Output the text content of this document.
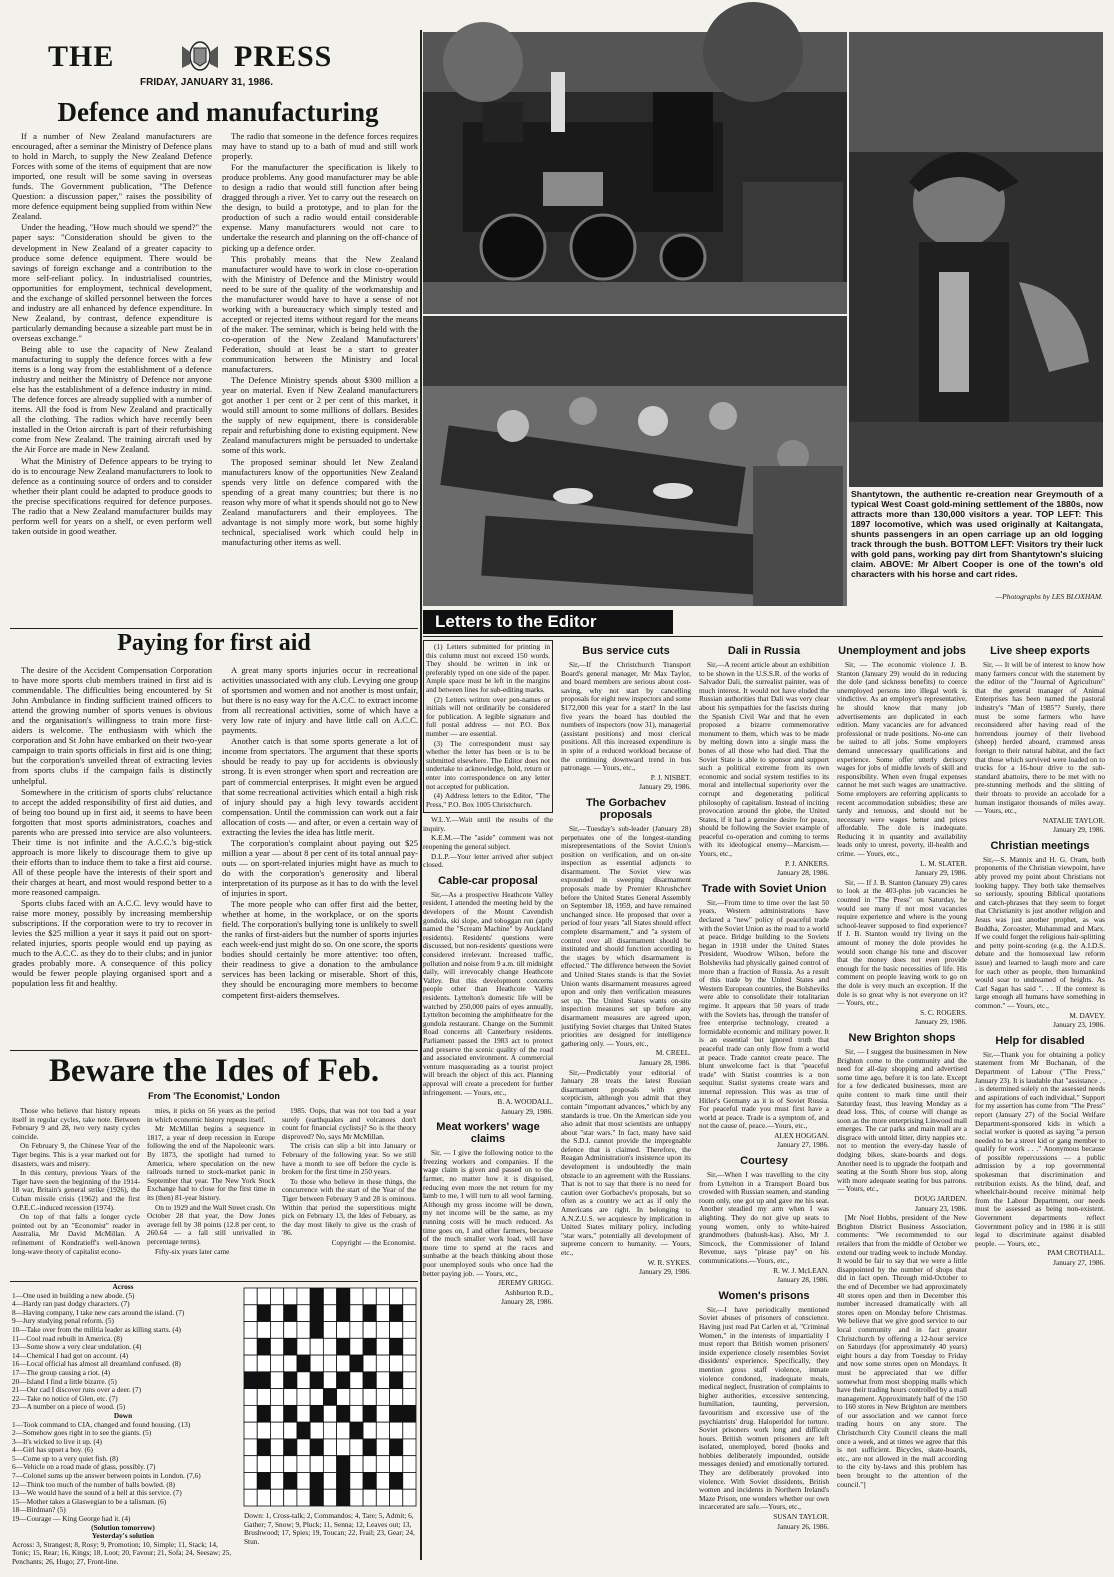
THE	PRESS
FRIDAY, JANUARY 31, 1986.
Defence and manufacturing

If a number of New Zealand manufacturers are encouraged, after a seminar the Ministry of Defence plans to hold in March, to supply the New Zealand Defence Forces with some of the items of equipment that are now imported, one result will be some saving in overseas funds. The Government publication, "The Defence Question: a discussion paper," raises the possibility of more defence equipment being supplied from within New Zealand.

Under the heading, "How much should we spend?" the paper says: "Consideration should be given to the development in New Zealand of a greater capacity to produce some defence equipment. There would be savings of foreign exchange and a contribution to the more self-reliant policy. In industrialised countries, opportunities for employment, technical development, and the exchange of skilled personnel between the forces and industry are all enhanced by defence expenditure. In New Zealand, by contrast, defence expenditure is particularly demanding because a sizeable part must be in overseas exchange."

Being able to use the capacity of New Zealand manufacturing to supply the defence forces with a few items is a long way from the establishment of a defence industry and neither the Ministry of Defence nor anyone else has the establishment of a defence industry in mind. The defence forces are already supplied with a number of items. All the food is from New Zealand and practically all the clothing. The radios which have recently been installed in the Orion aircraft is part of their refurbishing come from New Zealand. The training aircraft used by the Air Force are made in New Zealand.

What the Ministry of Defence appears to be trying to do is to encourage New Zealand manufacturers to look to defence as a continuing source of orders and to consider whether their plant could be adapted to produce goods to the precise specifications required for defence purposes. The radio that a New Zealand manufacturer builds may perform well for years on a shelf, or even perform well taken outside in good weather.

The radio that someone in the defence forces requires may have to stand up to a bath of mud and still work properly.

For the manufacturer the specification is likely to produce problems. Any good manufacturer may be able to design a radio that would still function after being dragged through a river. Yet to carry out the research on the design, to build a prototype, and to plan for the production of such a radio would entail considerable expense. Many manufacturers would not care to undertake the research and planning on the off-chance of picking up a defence order.

This probably means that the New Zealand manufacturer would have to work in close co-operation with the Ministry of Defence and the Ministry would need to be sure of the quality of the workmanship and the manufacturer would have to have a sense of not working with a bureaucracy which simply tested and accepted or rejected items without regard for the means of the maker. The seminar, which is being held with the co-operation of the New Zealand Manufacturers' Federation, should at least be a start to greater communication between the Ministry and local manufacturers.

The Defence Ministry spends about $300 million a year on material. Even if New Zealand manufacturers got another 1 per cent or 2 per cent of this market, it would still amount to some millions of dollars. Besides the supply of new equipment, there is considerable repair and refurbishing done to existing equipment. New Zealand manufacturers might be persuaded to undertake some of this work.

The proposed seminar should let New Zealand manufacturers know of the opportunities New Zealand spends very little on defence compared with the spending of a great many countries; but there is no reason why more of what it spends should not go to New Zealand manufacturers and their employees. The advantage is not simply more work, but some highly technical, specialised work which could help in manufacturing other items as well.

Paying for first aid

The desire of the Accident Compensation Corporation to have more sports club members trained in first aid is commendable. The difficulties being encountered by St John Ambulance in finding sufficient trained officers to attend the growing number of sports venues is obvious and the organisation's willingness to train more first-aiders is welcome. The enthusiasm with which the corporation and St John have embarked on their two-year campaign to train sports officials in first aid is one thing; but the corporation's unveiled threat of extracting levies from sports clubs if the campaign fails is distinctly unhelpful.

Somewhere in the criticism of sports clubs' reluctance to accept the added responsibility of first aid duties, and of being too bound up in first aid, it seems to have been forgotten that most sports administrators, coaches and parents who are pressed into service are also volunteers. Their time is not infinite and the A.C.C.'s big-stick approach is more likely to discourage them to give up their efforts than to induce them to take a first aid course. All of these people have the interests of their sport and their charges at heart, and most would respond better to a more reasoned campaign.

Sports clubs faced with an A.C.C. levy would have to raise more money, possibly by increasing membership subscriptions. If the corporation were to try to recover in levies the $25 million a year it says it paid out on sport-related injuries, sports people would end up paying as much to the A.C.C. as they do to their clubs; and in junior grades probably more. A consequence of this policy would be fewer people playing organised sport and a population less fit and healthy.

A great many sports injuries occur in recreational activities unassociated with any club. Levying one group of sportsmen and women and not another is most unfair, but there is no easy way for the A.C.C. to extract income from all recreational activities, some of which have a very low rate of injury and have little call on A.C.C. payments.

Another catch is that some sports generate a lot of income from spectators. The argument that these sports should be ready to pay up for accidents is obviously strong. It is even stronger when sport and recreation are part of commercial enterprises. It might even be argued that some recreational activities which entail a high risk of injury should pay a high levy towards accident compensation. Until the commission can work out a fair allocation of costs — and after, or even a certain way of extracting the levies the idea has little merit.

The corporation's complaint about paying out $25 million a year — about 8 per cent of its total annual pay-outs — on sport-related injuries might have as much to do with the corporation's generosity and liberal interpretation of its purpose as it has to do with the level of injuries in sport.

The more people who can offer first aid the better, whether at home, in the workplace, or on the sports field. The corporation's bullying tone is unlikely to swell the ranks of first-aiders but the number of sports injuries each week-end just might do so. On one score, the sports bodies should certainly be more attentive: too often, their readiness to give a donation to the ambulance services has been lacking or miserable. Short of this, they should be encouraging more members to become competent first-aiders themselves.

Beware the Ides of Feb.
From 'The Economist,' London

Those who believe that history repeats itself in regular cycles, take note. Between February 9 and 28, two very nasty cycles coincide.

On February 9, the Chinese Year of the Tiger begins. This is a year marked out for disasters, wars and misery.

In this century, previous Years of the Tiger have seen the beginning of the 1914-18 war, Britain's general strike (1926), the Cuban missile crisis (1962) and the first O.P.E.C.-induced recession (1974).

On top of that falls a longer cycle pointed out by an "Economist" reader in Australia, Mr David McMillan. A refinement of Kondratieff's well-known long-wave theory of capitalist econo-

mies, it picks on 56 years as the period in which economic history repeats itself.

Mr McMillan begins a sequence in 1817, a year of deep recession in Europe following the end of the Napoleonic wars. By 1873, the spotlight had turned to America, where speculation on the new railroads turned to stock-market panic in September that year. The New York Stock Exchange had to close for the first time in its (then) 81-year history.

On to 1929 and the Wall Street crash. On October 28 that year, the Dow Jones average fell by 38 points (12.8 per cent, to 260.64 — a fall still unrivalled in percentage terms).

Fifty-six years later came

1985. Oops, that was not too bad a year surely (earthquakes and volcanoes don't count for financial cyclists)? So is the theory disproved? No, says Mr McMillan.

The crisis can slip a bit into January or February of the following year. So we still have a month to see off before the cycle is broken for the first time in 250 years.

To those who believe in these things, the concurrence with the start of the Year of the Tiger between February 9 and 28 is ominous. Within that period the superstitious might pick on February 13, the Ides of Febuary, as the day most likely to give us the crash of '86.

Copyright — the Economist.

Across
1—One used in building a new abode. (5)
4—Hardy ran past dodgy characters. (7)
8—Having company, I take new cars around the island. (7)
9—Jury studying penal reform. (5)
10—Take over from the militia leader as killing starts. (4)
11—Cool road rebuilt in America. (8)
13—Some show a very clear undulation. (4)
14—Chemical I had got on account. (4)
16—Local official has almost all dreamland confused. (8)
17—The group causing a riot. (4)
20—Island I find a little bizarre. (5)
21—Our cad I discover runs over a deer. (7)
22—Take no notice of Glen, etc. (7)
23—A number on a piece of wood. (5)
Down
1—Took command to CIA, changed and found housing. (13)
2—Somehow goes right in to see the giants. (5)
3—It's wicked to live it up. (4)
4—Girl has upset a boy. (6)
5—Come up to a very quiet fish. (8)
6—Vehicle on a road made of glass, possibly. (7)
7—Colonel sums up the answer between points in London. (7,6)
12—Think too much of the number of balls bowled. (8)
13—We would have the sound of a bell at this service. (7)
15—Mother takes a Glaswegian to be a talisman. (6)
18—Birdman? (5)
19—Courage — King George had it. (4)
(Solution tomorrow)
Yesterday's solution
Across: 3, Strangest; 8, Rosy; 9, Promotion; 10, Simple; 11, Stack; 14, Tonic; 15, Rear; 16, Kings; 18, Loot; 20, Favour; 21, Sofa; 24, Seesaw; 25, Penchants; 26, Hugo; 27, Front-line.
Down: 1, Cross-talk; 2, Commandos; 4, Tare; 5, Admit; 6, Gather; 7, Snow; 9, Pluck; 11, Senna; 12, Leaves out; 13, Brushwood; 17, Spies; 19, Toucan; 22, Frail; 23, Gear; 24, Stun.
Shantytown, the authentic re-creation near Greymouth of a typical West Coast gold-mining settlement of the 1880s, now attracts more than 130,000 visitors a year. TOP LEFT: This 1897 locomotive, which was used originally at Kaitangata, shunts passengers in an open carriage up an old logging track through the bush. BOTTOM LEFT: Visitors try their luck with gold pans, working pay dirt from Shantytown's sluicing claim. ABOVE: Mr Albert Cooper is one of the town's old characters with his horse and cart rides.
—Photographs by LES BLOXHAM.
Letters to the Editor

(1) Letters submitted for printing in this column must not exceed 150 words. They should be written in ink or preferably typed on one side of the paper. Ample space must be left in the margins and between lines for sub-editing marks.

(2) Letters written over pen-names or initials will not ordinarily be considered for publication. A legible signature and full postal address — not P.O. Box number — are essential.

(3) The correspondent must say whether the letter has been or is to be submitted elsewhere. The Editor does not undertake to acknowledge, hold, return or enter into correspondence on any letter not accepted for publication.

(4) Address letters to the Editor, "The Press," P.O. Box 1005 Christchurch.

W.L.Y.—Wait until the results of the inquiry.

K.E.M.—The "aside" comment was not reopening the general subject.

D.L.P.—Your letter arrived after subject closed.

Cable-car proposal

Sir,—As a prospective Heathcote Valley resident, I attended the meeting held by the developers of the Mount Cavendish gondola, ski slope, and toboggan run (aptly named the "Scream Machine" by Auckland residents). Residents' questions were discussed, but non-residents' questions were considered irrelevant. Increased traffic, pollution and noise from 9 a.m. till midnight daily, will irrevocably change Heathcote Valley. But this development concerns people other than Heathcote Valley residents. Lyttelton's domestic life will be watched by 250,000 pairs of eyes annually, Lyttelton becoming the amphitheatre for the gondola restaurant. Change on the Summit Road concerns all Canterbury residents. Parliament passed the 1983 act to protect and preserve the scenic quality of the road and associated environment. A commercial venture masquerading as a tourist project will breach the object of this act. Planning approval will create a precedent for further infringement. — Yours, etc.,

B. A. WOODALL.

January 29, 1986.

Meat workers' wage claims

Sir, — I give the following notice to the freezing workers and companies. If the wage claim is given and passed on to the farmer, no matter how it is disguised, reducing even more the net return for my lamb to me, I will turn to all wool farming. Although my gross income will be down, my net income will be the same, as my running costs will be much reduced. As time goes on, I and other farmers, because of the much smaller work load, will have more time to spend at the races and sunbathe at the beach thinking about those poor unemployed souls who once had the better paying job. — Yours, etc.,

JEREMY GRIGG.

Ashburton R.D.,

January 28, 1986.

Bus service cuts

Sir,—If the Christchurch Transport Board's general manager, Mr Max Taylor, and board members are serious about cost-saving, why not start by cancelling proposals for eight new inspectors and some $172,000 this year for a start? In the last five years the board has doubled the numbers of inspectors (now 31), managerial (assistant positions) and most clerical positions. All this increased expenditure is in spite of a reduced workload because of the continuing downward trend in bus patronage. — Yours, etc.,

P. J. NISBET.

January 29, 1986.

The Gorbachev proposals

Sir,—Tuesday's sub-leader (January 28) perpetuates one of the longest-standing misrepresentations of the Soviet Union's position on verification, and on on-site inspection as essential adjuncts to disarmament. The Soviet view was expounded in sweeping disarmament proposals made by Premier Khrushchev before the United States General Assembly on September 18, 1959, and have remained unchanged since. He proposed that over a period of four years "all States should effect complete disarmament," and "a system of control over all disarmament should be instituted and should function according to the stages by which disarmament is effected." The difference between the Soviet and United States stands is that the Soviet Union wants disarmament measures agreed upon and only then verification measures set up. The United States wants on-site inspection measures set up before any disarmament measures are agreed upon, justifying Soviet charges that United States priorities are designed for intelligence gathering only. — Yours, etc.,

M. CREEL.

January 28, 1986.

Sir,—Predictably your editorial of January 28 treats the latest Russian disarmament proposals with great scepticism, although you admit that they contain "important advances," which by any standards is true. On the American side you also admit that most scientists are unhappy about "star wars." In fact, many have said the S.D.I. cannot provide the impregnable defence that is claimed. Therefore, the Reagan Administration's insistence upon its development is undoubtedly the main obstacle to an agreement with the Russians. That is not to say that there is no need for caution over Gorbachev's proposals, but so often as a country we act as if only the Americans are right. In belonging to A.N.Z.U.S. we acquiesce by implication in United States military policy, including "star wars," potentially all development of supreme concern to humanity. — Yours, etc.,

W. R. SYKES.

January 29, 1986.

Dali in Russia

Sir,—A recent article about an exhibition to be shown in the U.S.S.R. of the works of Salvador Dali, the surrealist painter, was of much interest. It would not have eluded the Russian authorities that Dali was very clear about his sympathies for the fascists during the Spanish Civil War and that he even proposed a bizarre commemorative monument to them, which was to be made by melting down into a single mass the bones of all those who had died. That the Soviet State is able to sponsor and support such a political extreme from its own economic and social system testifies to its moral and intellectual superiority over the corrupt and degenerating political philosophy of capitalism. Instead of inciting provocation around the globe, the United States, if it had a genuine desire for peace, should be following the Soviet example of peaceful co-operation and coming to terms with its ideological enemy—Marxism.—Yours, etc.,

P. J. ANKERS.

January 28, 1986.

Trade with Soviet Union

Sir,—From time to time over the last 50 years, Western administrations have declared a "new" policy of peaceful trade with the Soviet Union as the road to a world at peace. Bridge building to the Soviets began in 1918 under the United States President, Woodrow Wilson, before the Bolsheviks had physically gained control of more than a fraction of Russia. As a result of this trade by the United States and Western European countries, the Bolsheviks were able to consolidate their totalitarian regime. It appears that 50 years of trade with the Soviets has, through the transfer of free enterprise technology, created a formidable economic and military power. It is an essential but ignored truth that peaceful trade can only flow from a world at peace. Trade cannot create peace. The blunt unwelcome fact is that "peaceful trade" with Statist countries is a non sequitur. Statist systems create wars and internal repression. This was as true of Hitler's Germany as it is of Soviet Russia. For peaceful trade you must first have a world at peace. Trade is a symptom of, and not the cause of, peace.—Yours, etc.,

ALEX HOGGAN.

January 27, 1986.

Courtesy

Sir,—When I was travelling to the city from Lyttelton in a Transport Board bus crowded with Russian seamen, and standing room only, one got up and gave me his seat. Another steadied my arm when I was alighting. They do not give up seats to young women, only to white-haired grandmothers (bahush-kas). Also, Mr J. Simcock, the Commissioner of Inland Revenue, says "please pay" on his communications.—Yours, etc.,

R. W. J. McLEAN.

January 28, 1986.

Women's prisons

Sir,—I have periodically mentioned Soviet abuses of prisoners of conscience. Having just read Pat Carlen et al, "Criminal Women," in the interests of impartiality I must report that British women prisoners' inside experience closely resembles Soviet dissidents' experience. Specifically, they mention gross staff violence, inmate violence condoned, inadequate meals, medical neglect, frustration of complaints to higher authorities, excessive sentencing, humiliation, taunting, perversion, favouritism and excessive use of the psychiatrists' drug. Haloperidol for torture. Soviet prisoners work long and difficult hours. British women prisoners are left isolated, unemployed, bored (books and hobbies deliberately impounded, outside messages denied) and emotionally tortured. They are deliberately provoked into violence. With Soviet dissidents, British women and incidents in Northern Ireland's Maze Prison, one wonders whether our own incarcerated are safe.—Yours, etc.,

SUSAN TAYLOR.

January 26, 1986.

Unemployment and jobs

Sir, — The economic violence J. B. Stanton (January 29) would do in reducing the dole (and sickness benefits) to coerce unemployed persons into illegal work is vindictive. As an employer's representative, he should know that many job advertisements are duplicated in each edition. Many vacancies are for advanced professional or trade positions. No-one can be suited to all jobs. Some employers demand unnecessary qualifications and experience. Some offer utterly derisory wages for jobs of middle levels of skill and responsibility. When even frugal expenses cannot be met such wages are unattractive. Some employers are referring applicants to recent accommodation subsidies; these are tardy and tenuous, and should not be necessary were wages better and prices affordable. The dole is inadequate. Reducing it in quantity and availability leads only to unrest, poverty, ill-health and crime. — Yours, etc.,

L. M. SLATER.

January 29, 1986.

Sir, — If J. B. Stanton (January 29) cares to look at the 403-plus job vacancies he counted in "The Press" on Saturday, he would see many if not most vacancies require experience and where is the young school-leaver supposed to find experience? If J. B. Stanton would try living on the amount of money the dole provides he would soon change his tune and discover that the money does not even provide enough for the basic necessities of life. His comment on people leaving work to go on the dole is very much an exception. If the dole is so great why is not everyone on it? — Yours, etc.,

S. C. ROGERS.

January 29, 1986.

New Brighton shops

Sir, — I suggest the businessmen in New Brighton come to the community and the need for all-day shopping and advertised some time ago, before it is too late. Except for a few dedicated businesses, most are quite content to mark time until their Saturday feast, thus leaving Monday as a dead loss. This, of course will change as soon as the more enterprising Linwood mall emerges. The car parks and main mall are a disgrace with untold litter, dirty nappies etc. not to mention the every-day hassle of dodging bikes, skate-boards and dogs. Another need is to upgrade the footpath and seating at the South Shore bus stop, along with more adequate seating for bus patrons. — Yours, etc.,

DOUG JARDEN.

January 23, 1986.

[Mr Noel Hobbs, president of the New Brighton District Business Association, comments: "We recommended to our retailers that from the middle of October we extend our trading week to include Monday. It would be fair to say that we were a little disappointed by the number of shops that did in fact open. Through mid-October to the end of December we had approximately 40 stores open and then in December this number increased dramatically with all stores open on Monday before Christmas. We believe that we give good service to our local community and in fact greater Christchurch by offering a 12-hour service on Saturdays (for approximately 40 years) eight hours a day from Tuesday to Friday and now some stores open on Mondays. It must be appreciated that we differ somewhat from most shopping malls which have their trading hours controlled by a mall management. Approximately half of the 150 to 160 stores in New Brighton are members of our association and we cannot force trading hours on any store. The Christchurch City Council cleans the mall once a week, and at times we agree that this is not sufficient. Bicycles, skate-boards, etc., are not allowed in the mall according to the city by-laws and this problem has been brought to the attention of the council."]

Live sheep exports

Sir, — It will be of interest to know how many farmers concur with the statement by the editor of the "Journal of Agriculture" that the general manager of Animal Enterprises has been named the pastoral industry's "Man of 1985"? Surely, there must be some farmers who have reconsidered after having read of the horrendous journey of their livehood (sheep) herded aboard, crammed areas foreign to their natural habitat, and the fact that those which survived were loaded on to trucks for a 16-hour drive to the sub-standard abattoirs, there to be met with no pre-stunning methods and the slitting of their throats to provide an accolade for a human instigator thousands of miles away. — Yours, etc.,

NATALIE TAYLOR.

January 29, 1986.

Christian meetings

Sir,—S. Mannix and H. G. Oram, both proponents of the Christian viewpoint, have ably proved my point about Christians not looking happy. They both take themselves so seriously, spouting Biblical quotations and catch-phrases that they seem to forget that Christianity is just another religion and Jesus was just another prophet, as was Buddha, Zoroaster, Muhammad and Marx. If we could forget the religious hair-splitting and petty point-scoring (e.g. the A.I.D.S. debate and the homosexual law reform issue) and learned to laugh more and care for each other as people, then humankind would soar to undreamed of heights. As Carl Sagan has said ". . . If the context is large enough all humans have something in common." — Yours, etc.,

M. DAVEY.

January 23, 1986.

Help for disabled

Sir,—Thank you for obtaining a policy statement from Mr Buchanan, of the Department of Labour ("The Press," January 23). It is laudable that "assistance . . . is determined solely on the assessed needs and aspirations of each individual." Support for my assertion has come from "The Press" report (January 27) of the Social Welfare Department-sponsored kids in which a social worker is quoted as saying "a person needed to be a street kid or gang member to qualify for work . . ." Anonymous because of possible repercussions — a public admission by a top governmental spokesman that discrimination and retribution exists. As the blind, deaf, and wheelchair-bound receive minimal help from the Labour Department, our needs must be assessed as being non-existent. Government departments reflect Government policy and in 1986 it is still legal to discriminate against disabled people. — Yours, etc.,

PAM CROTHALL.

January 27, 1986.
